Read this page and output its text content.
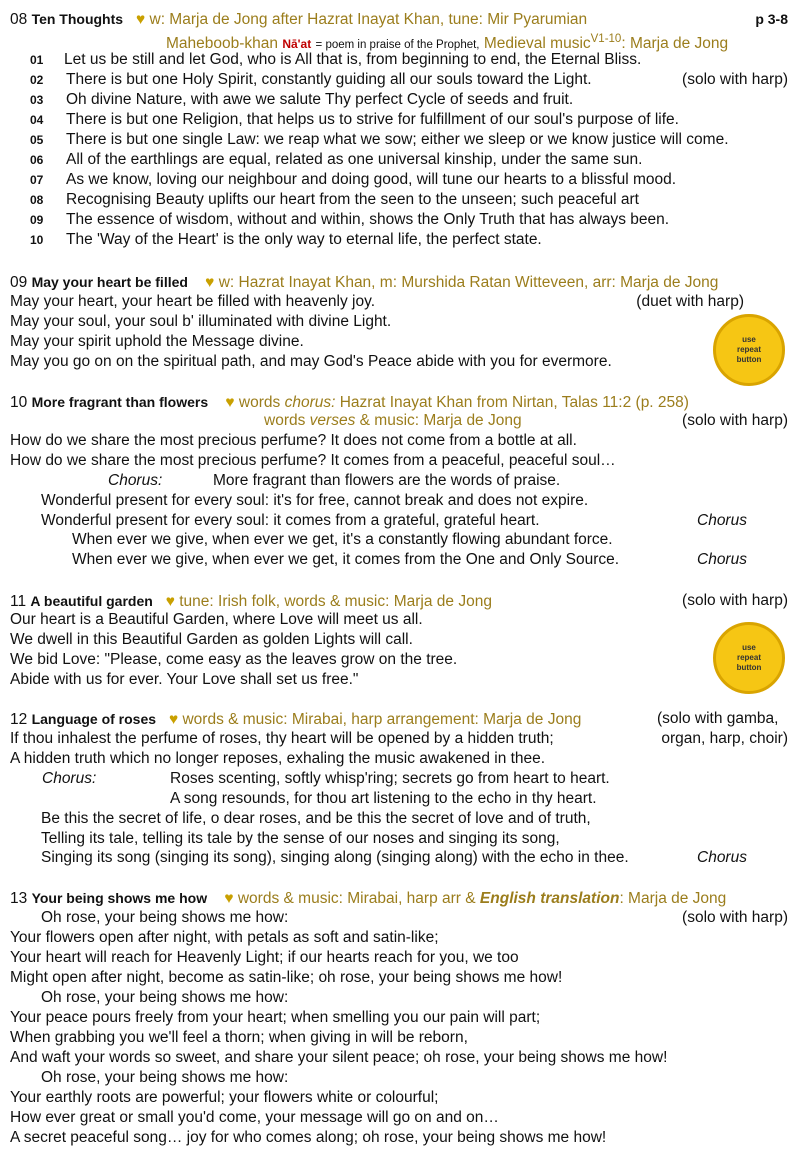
08 Ten Thoughts ♥ w: Marja de Jong after Hazrat Inayat Khan, tune: Mir Pyarumian	p 3-8
Maheboob-khan Nā'at = poem in praise of the Prophet, Medieval music$^{V1-10}$: Marja de Jong
01 Let us be still and let God, who is All that is, from beginning to end, the Eternal Bliss.
02 There is but one Holy Spirit, constantly guiding all our souls toward the Light.	(solo with harp)
03 Oh divine Nature, with awe we salute Thy perfect Cycle of seeds and fruit.
04 There is but one Religion, that helps us to strive for fulfillment of our soul's purpose of life.
05 There is but one single Law: we reap what we sow; either we sleep or we know justice will come.
06 All of the earthlings are equal, related as one universal kinship, under the same sun.
07 As we know, loving our neighbour and doing good, will tune our hearts to a blissful mood.
08 Recognising Beauty uplifts our heart from the seen to the unseen; such peaceful art
09 The essence of wisdom, without and within, shows the Only Truth that has always been.
10 The 'Way of the Heart' is the only way to eternal life, the perfect state.
09 May your heart be filled ♥ w: Hazrat Inayat Khan, m: Murshida Ratan Witteveen, arr: Marja de Jong
May your heart, your heart be filled with heavenly joy.	(duet with harp)
May your soul, your soul b' illuminated with divine Light.
May your spirit uphold the Message divine.
May you go on on the spiritual path, and may God's Peace abide with you for evermore.
use
repeat
button
10 More fragrant than flowers ♥ words chorus: Hazrat Inayat Khan from Nirtan, Talas 11:2 (p. 258)
words verses & music: Marja de Jong	(solo with harp)
How do we share the most precious perfume? It does not come from a bottle at all.
How do we share the most precious perfume? It comes from a peaceful, peaceful soul…
Chorus:	More fragrant than flowers are the words of praise.
Wonderful present for every soul: it's for free, cannot break and does not expire.
Wonderful present for every soul: it comes from a grateful, grateful heart.	Chorus
When ever we give, when ever we get, it's a constantly flowing abundant force.
When ever we give, when ever we get, it comes from the One and Only Source.	Chorus
11 A beautiful garden ♥ tune: Irish folk, words & music: Marja de Jong	(solo with harp)
Our heart is a Beautiful Garden, where Love will meet us all.
We dwell in this Beautiful Garden as golden Lights will call.
We bid Love: "Please, come easy as the leaves grow on the tree.
Abide with us for ever. Your Love shall set us free."
use
repeat
button
12 Language of roses ♥ words & music: Mirabai, harp arrangement: Marja de Jong	(solo with gamba,
If thou inhalest the perfume of roses, thy heart will be opened by a hidden truth;	organ, harp, choir)
A hidden truth which no longer reposes, exhaling the music awakened in thee.
Chorus:	Roses scenting, softly whisp'ring; secrets go from heart to heart.
A song resounds, for thou art listening to the echo in thy heart.
Be this the secret of life, o dear roses, and be this the secret of love and of truth,
Telling its tale, telling its tale by the sense of our noses and singing its song,
Singing its song (singing its song), singing along (singing along) with the echo in thee.	Chorus
13 Your being shows me how ♥ words & music: Mirabai, harp arr & English translation: Marja de Jong
Oh rose, your being shows me how:	(solo with harp)
Your flowers open after night, with petals as soft and satin-like;
Your heart will reach for Heavenly Light; if our hearts reach for you, we too
Might open after night, become as satin-like; oh rose, your being shows me how!
Oh rose, your being shows me how:
Your peace pours freely from your heart; when smelling you our pain will part;
When grabbing you we'll feel a thorn; when giving in will be reborn,
And waft your words so sweet, and share your silent peace; oh rose, your being shows me how!
Oh rose, your being shows me how:
Your earthly roots are powerful; your flowers white or colourful;
How ever great or small you'd come, your message will go on and on…
A secret peaceful song… joy for who comes along; oh rose, your being shows me how!
